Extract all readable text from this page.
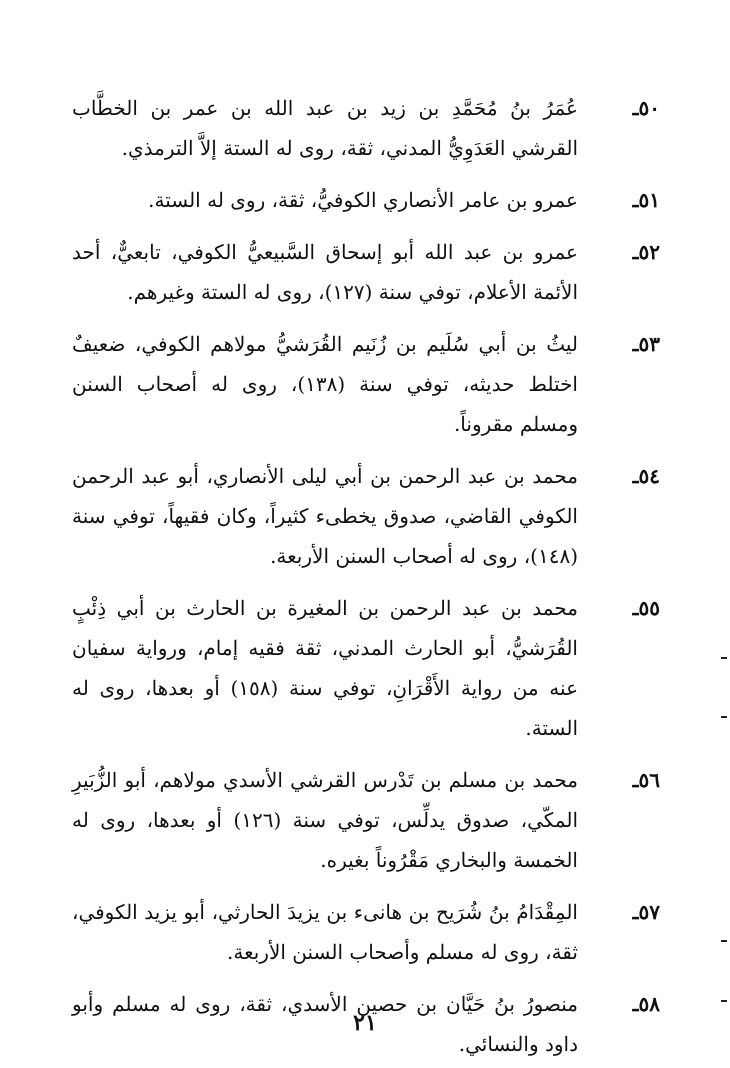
٥٠ـ
عُمَرُ بنُ مُحَمَّدِ بن زيد بن عبد الله بن عمر بن الخطَّاب القرشي العَدَوِيُّ المدني، ثقة، روى له الستة إلاَّ الترمذي.
٥١ـ
عمرو بن عامر الأنصاري الكوفيُّ، ثقة، روى له الستة.
٥٢ـ
عمرو بن عبد الله أبو إسحاق السَّبيعيُّ الكوفي، تابعيٌّ، أحد الأئمة الأعلام، توفي سنة (١٢٧)، روى له الستة وغيرهم.
٥٣ـ
ليثُ بن أبي سُلَيم بن زُنَيم القُرَشيُّ مولاهم الكوفي، ضعيفٌ اختلط حديثه، توفي سنة (١٣٨)، روى له أصحاب السنن ومسلم مقروناً.
٥٤ـ
محمد بن عبد الرحمن بن أبي ليلى الأنصاري، أبو عبد الرحمن الكوفي القاضي، صدوق يخطىء كثيراً، وكان فقيهاً، توفي سنة (١٤٨)، روى له أصحاب السنن الأربعة.
٥٥ـ
محمد بن عبد الرحمن بن المغيرة بن الحارث بن أبي ذِئْبٍ القُرَشيُّ، أبو الحارث المدني، ثقة فقيه إمام، ورواية سفيان عنه من رواية الأَقْرَانِ، توفي سنة (١٥٨) أو بعدها، روى له الستة.
٥٦ـ
محمد بن مسلم بن تَدْرس القرشي الأسدي مولاهم، أبو الزُّبَيرِ المكّي، صدوق يدلِّس، توفي سنة (١٢٦) أو بعدها، روى له الخمسة والبخاري مَقْرُوناً بغيره.
٥٧ـ
المِقْدَامُ بنُ شُرَيح بن هانىء بن يزيدَ الحارثي، أبو يزيد الكوفي، ثقة، روى له مسلم وأصحاب السنن الأربعة.
٥٨ـ
منصورُ بنُ حَيَّان بن حصين الأسدي، ثقة، روى له مسلم وأبو داود والنسائي.
٢١
